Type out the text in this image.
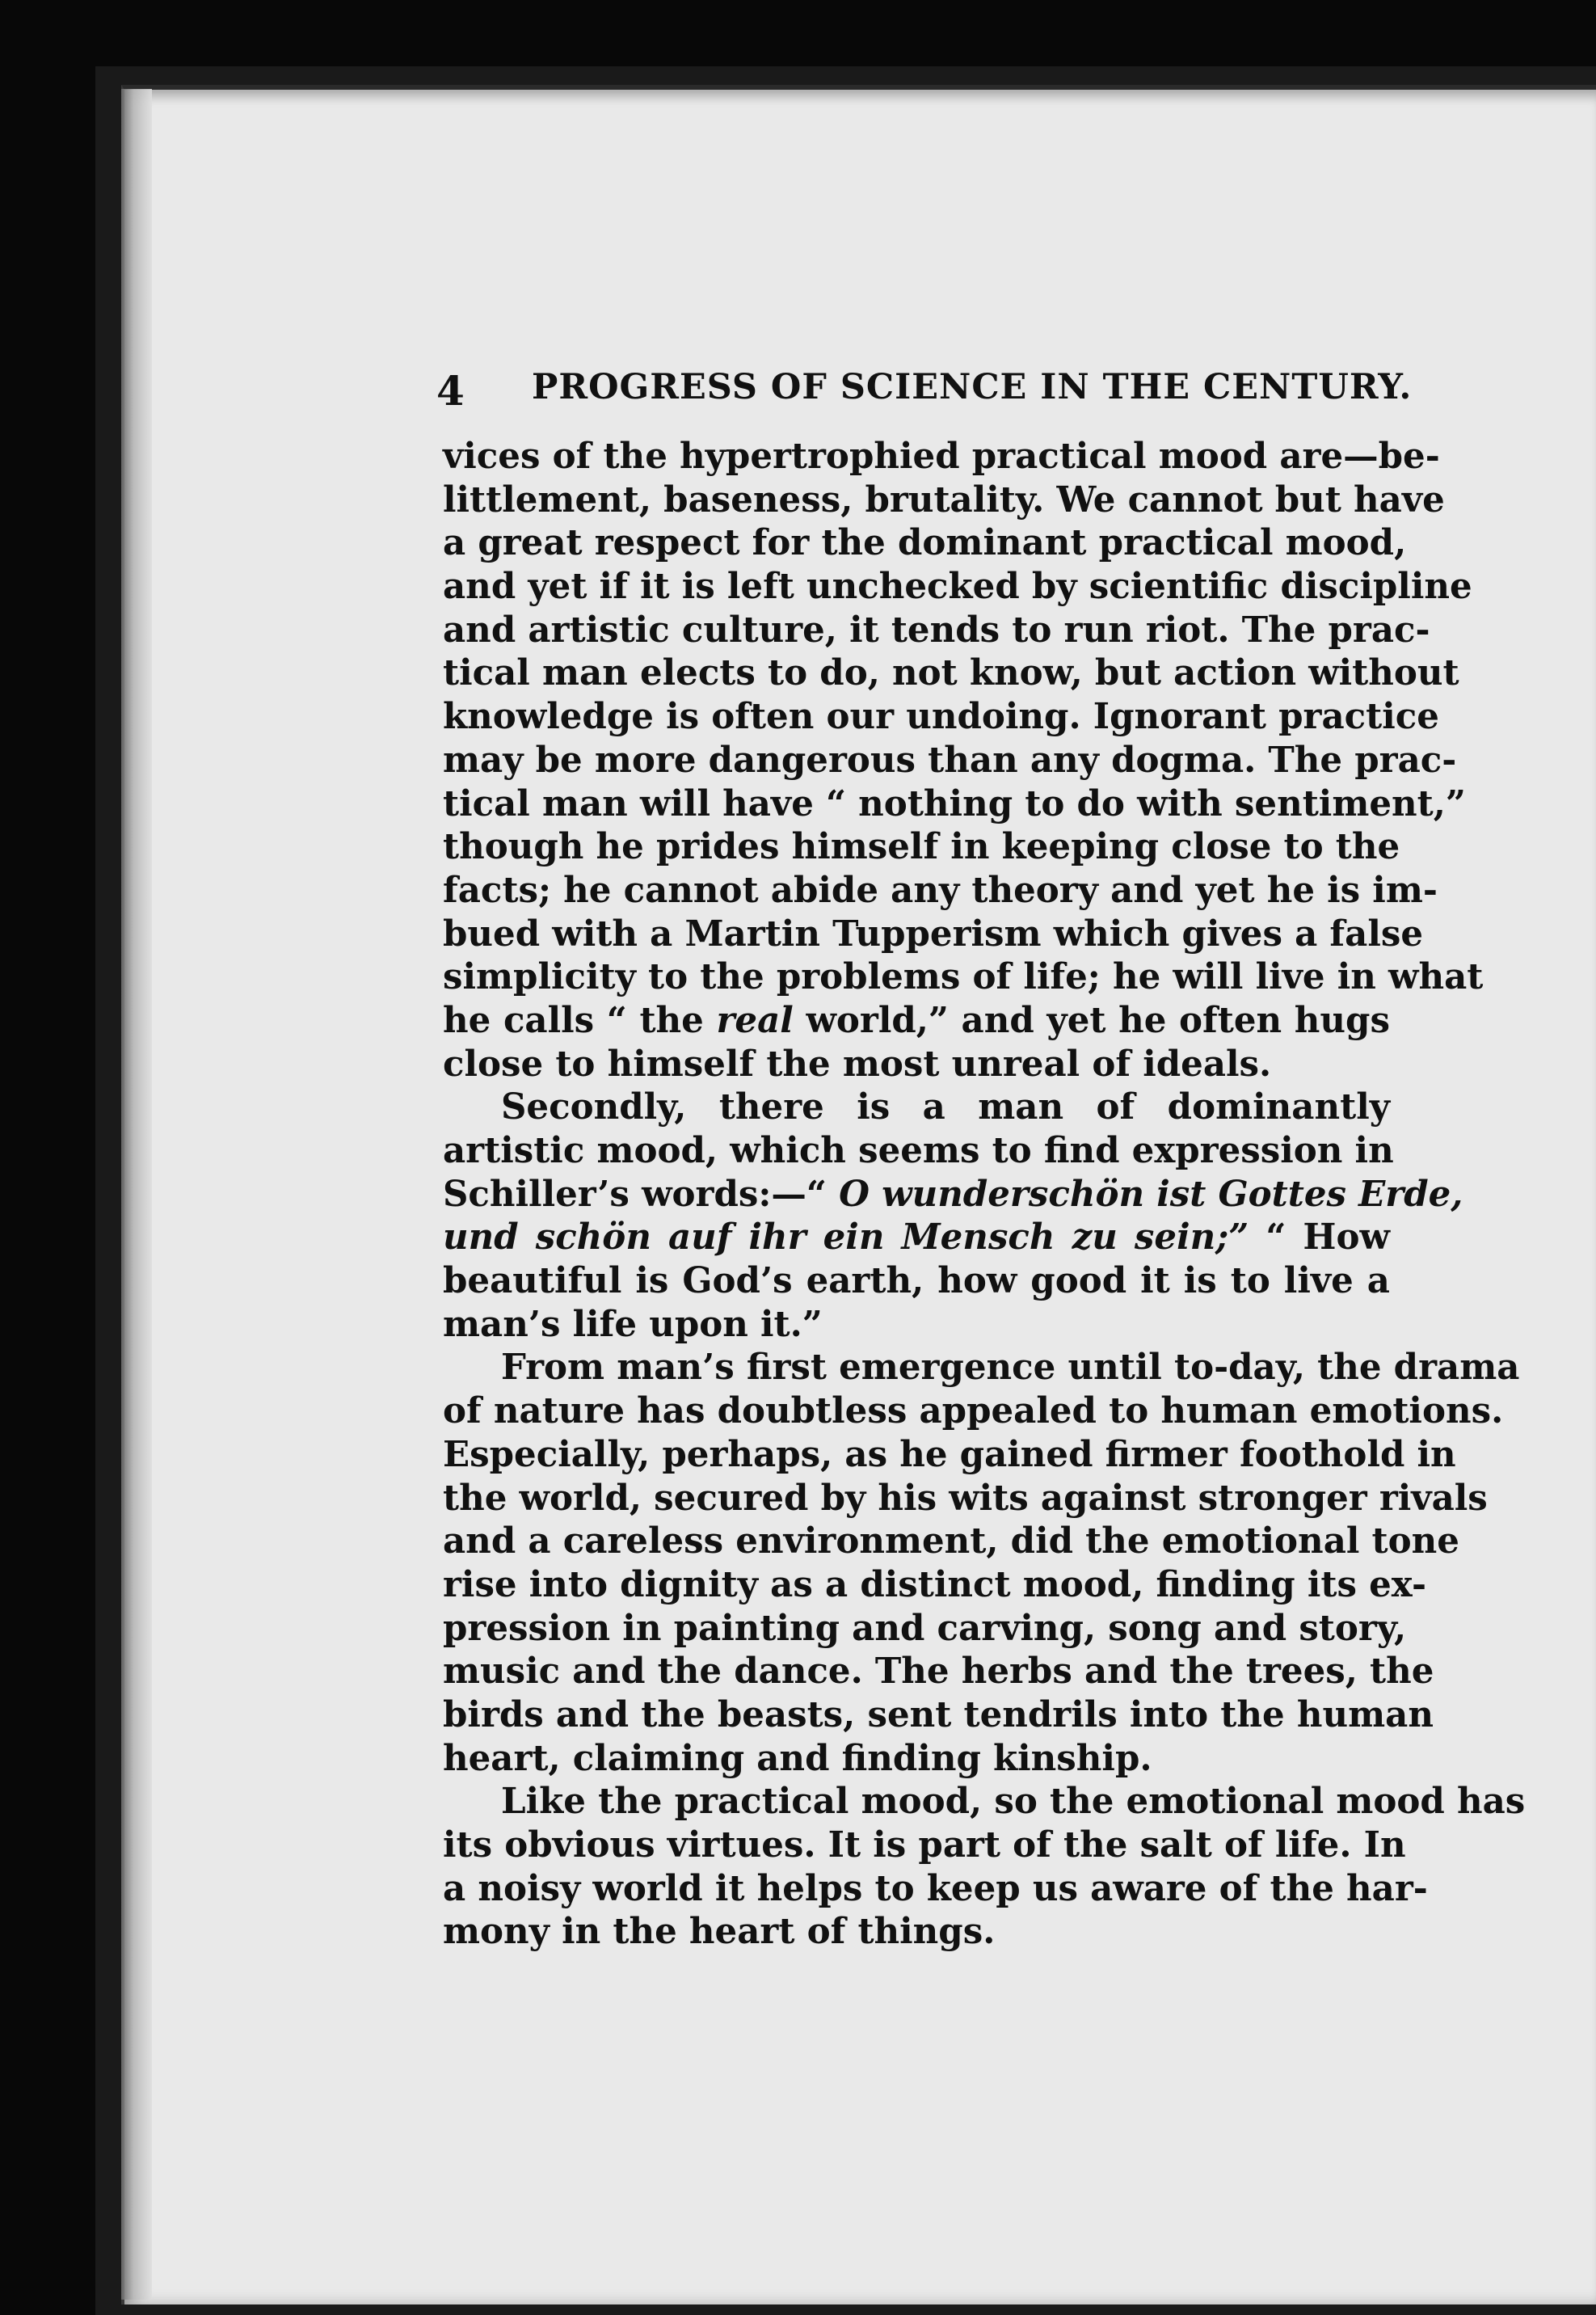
4 PROGRESS OF SCIENCE IN THE CENTURY.
vices of the hypertrophied practical mood are—be-
littlement, baseness, brutality. We cannot but have
a great respect for the dominant practical mood,
and yet if it is left unchecked by scientific discipline
and artistic culture, it tends to run riot. The prac-
tical man elects to do, not know, but action without
knowledge is often our undoing. Ignorant practice
may be more dangerous than any dogma. The prac-
tical man will have “ nothing to do with sentiment,”
though he prides himself in keeping close to the
facts; he cannot abide any theory and yet he is im-
bued with a Martin Tupperism which gives a false
simplicity to the problems of life; he will live in what
he calls “ the real world,” and yet he often hugs
close to himself the most unreal of ideals.
Secondly, there is a man of dominantly
artistic mood, which seems to find expression in
Schiller’s words:—“ O wunderschön ist Gottes Erde,
und schön auf ihr ein Mensch zu sein;” “ How
beautiful is God’s earth, how good it is to live a
man’s life upon it.”
From man’s first emergence until to-day, the drama
of nature has doubtless appealed to human emotions.
Especially, perhaps, as he gained firmer foothold in
the world, secured by his wits against stronger rivals
and a careless environment, did the emotional tone
rise into dignity as a distinct mood, finding its ex-
pression in painting and carving, song and story,
music and the dance. The herbs and the trees, the
birds and the beasts, sent tendrils into the human
heart, claiming and finding kinship.
Like the practical mood, so the emotional mood has
its obvious virtues. It is part of the salt of life. In
a noisy world it helps to keep us aware of the har-
mony in the heart of things.
